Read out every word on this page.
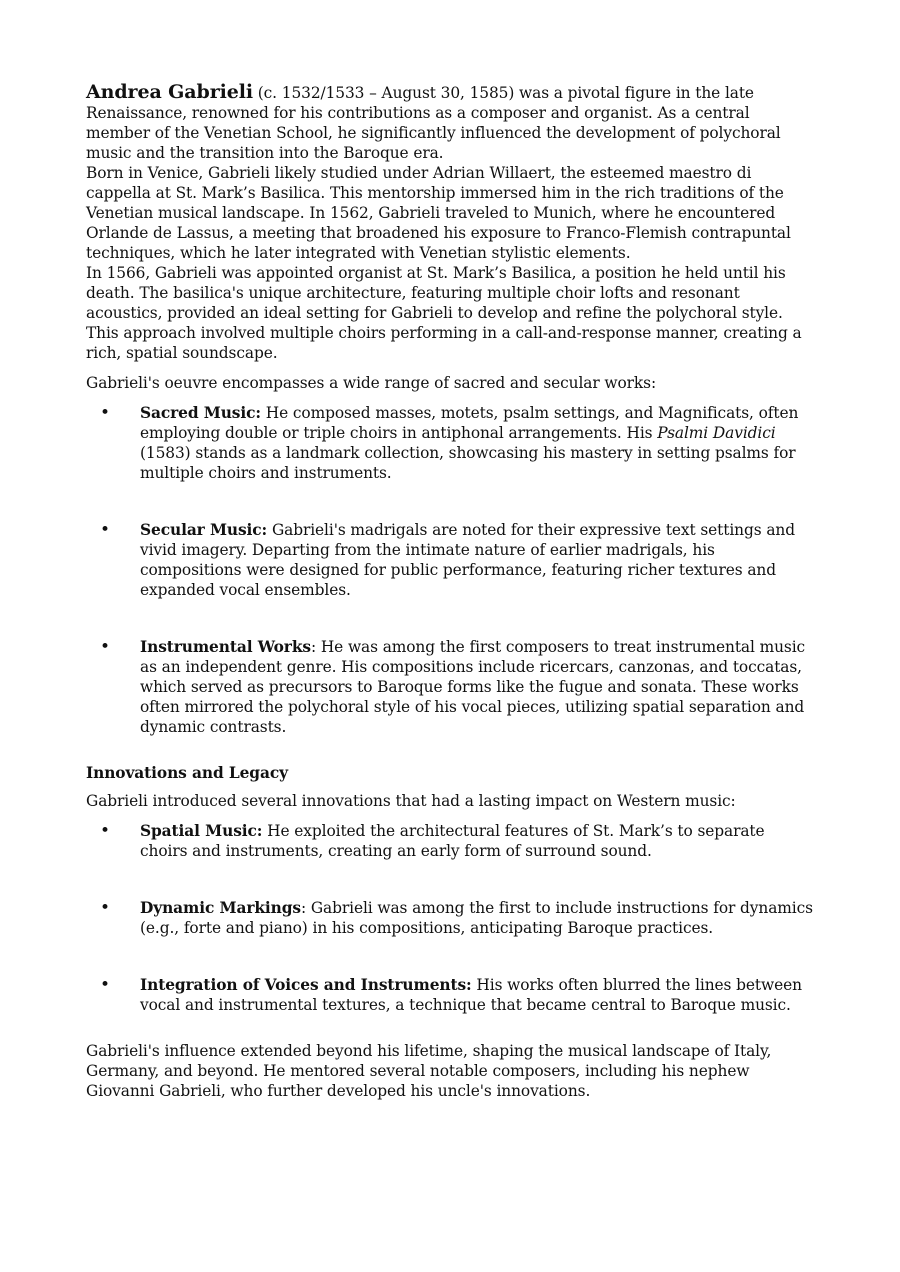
Andrea Gabrieli (c. 1532/1533 – August 30, 1585) was a pivotal figure in the late Renaissance, renowned for his contributions as a composer and organist. As a central member of the Venetian School, he significantly influenced the development of polychoral music and the transition into the Baroque era.

Born in Venice, Gabrieli likely studied under Adrian Willaert, the esteemed maestro di cappella at St. Mark’s Basilica. This mentorship immersed him in the rich traditions of the Venetian musical landscape. In 1562, Gabrieli traveled to Munich, where he encountered Orlande de Lassus, a meeting that broadened his exposure to Franco-Flemish contrapuntal techniques, which he later integrated with Venetian stylistic elements.

In 1566, Gabrieli was appointed organist at St. Mark’s Basilica, a position he held until his death. The basilica's unique architecture, featuring multiple choir lofts and resonant acoustics, provided an ideal setting for Gabrieli to develop and refine the polychoral style. This approach involved multiple choirs performing in a call-and-response manner, creating a rich, spatial soundscape.

Gabrieli's oeuvre encompasses a wide range of sacred and secular works:

• Sacred Music: He composed masses, motets, psalm settings, and Magnificats, often employing double or triple choirs in antiphonal arrangements. His Psalmi Davidici (1583) stands as a landmark collection, showcasing his mastery in setting psalms for multiple choirs and instruments.
• Secular Music: Gabrieli's madrigals are noted for their expressive text settings and vivid imagery. Departing from the intimate nature of earlier madrigals, his compositions were designed for public performance, featuring richer textures and expanded vocal ensembles.
• Instrumental Works: He was among the first composers to treat instrumental music as an independent genre. His compositions include ricercars, canzonas, and toccatas, which served as precursors to Baroque forms like the fugue and sonata. These works often mirrored the polychoral style of his vocal pieces, utilizing spatial separation and dynamic contrasts.

Innovations and Legacy

Gabrieli introduced several innovations that had a lasting impact on Western music:

• Spatial Music: He exploited the architectural features of St. Mark’s to separate choirs and instruments, creating an early form of surround sound.
• Dynamic Markings: Gabrieli was among the first to include instructions for dynamics (e.g., forte and piano) in his compositions, anticipating Baroque practices.
• Integration of Voices and Instruments: His works often blurred the lines between vocal and instrumental textures, a technique that became central to Baroque music.

Gabrieli's influence extended beyond his lifetime, shaping the musical landscape of Italy, Germany, and beyond. He mentored several notable composers, including his nephew Giovanni Gabrieli, who further developed his uncle's innovations.
